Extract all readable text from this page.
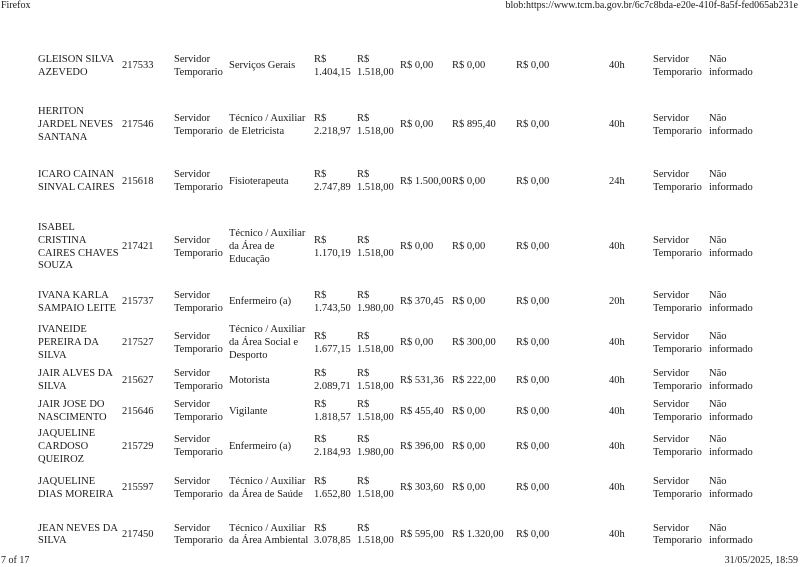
Firefox	blob:https://www.tcm.ba.gov.br/6c7c8bda-e20e-410f-8a5f-fed065ab231e
GLEISON SILVA AZEVEDO	217533	Servidor Temporario	Serviços Gerais	R$ 1.404,15	R$ 1.518,00	R$ 0,00	R$ 0,00	R$ 0,00	40h	Servidor Temporario	Não informado
HERITON JARDEL NEVES SANTANA	217546	Servidor Temporario	Técnico / Auxiliar de Eletricista	R$ 2.218,97	R$ 1.518,00	R$ 0,00	R$ 895,40	R$ 0,00	40h	Servidor Temporario	Não informado
ICARO CAINAN SINVAL CAIRES	215618	Servidor Temporario	Fisioterapeuta	R$ 2.747,89	R$ 1.518,00	R$ 1.500,00	R$ 0,00	R$ 0,00	24h	Servidor Temporario	Não informado
ISABEL CRISTINA CAIRES CHAVES SOUZA	217421	Servidor Temporario	Técnico / Auxiliar da Área de Educação	R$ 1.170,19	R$ 1.518,00	R$ 0,00	R$ 0,00	R$ 0,00	40h	Servidor Temporario	Não informado
IVANA KARLA SAMPAIO LEITE	215737	Servidor Temporario	Enfermeiro (a)	R$ 1.743,50	R$ 1.980,00	R$ 370,45	R$ 0,00	R$ 0,00	20h	Servidor Temporario	Não informado
IVANEIDE PEREIRA DA SILVA	217527	Servidor Temporario	Técnico / Auxiliar da Área Social e Desporto	R$ 1.677,15	R$ 1.518,00	R$ 0,00	R$ 300,00	R$ 0,00	40h	Servidor Temporario	Não informado
JAIR ALVES DA SILVA	215627	Servidor Temporario	Motorista	R$ 2.089,71	R$ 1.518,00	R$ 531,36	R$ 222,00	R$ 0,00	40h	Servidor Temporario	Não informado
JAIR JOSE DO NASCIMENTO	215646	Servidor Temporario	Vigilante	R$ 1.818,57	R$ 1.518,00	R$ 455,40	R$ 0,00	R$ 0,00	40h	Servidor Temporario	Não informado
JAQUELINE CARDOSO QUEIROZ	215729	Servidor Temporario	Enfermeiro (a)	R$ 2.184,93	R$ 1.980,00	R$ 396,00	R$ 0,00	R$ 0,00	40h	Servidor Temporario	Não informado
JAQUELINE DIAS MOREIRA	215597	Servidor Temporario	Técnico / Auxiliar da Área de Saúde	R$ 1.652,80	R$ 1.518,00	R$ 303,60	R$ 0,00	R$ 0,00	40h	Servidor Temporario	Não informado
JEAN NEVES DA SILVA	217450	Servidor Temporario	Técnico / Auxiliar da Área Ambiental	R$ 3.078,85	R$ 1.518,00	R$ 595,00	R$ 1.320,00	R$ 0,00	40h	Servidor Temporario	Não informado
7 of 17	31/05/2025, 18:59
